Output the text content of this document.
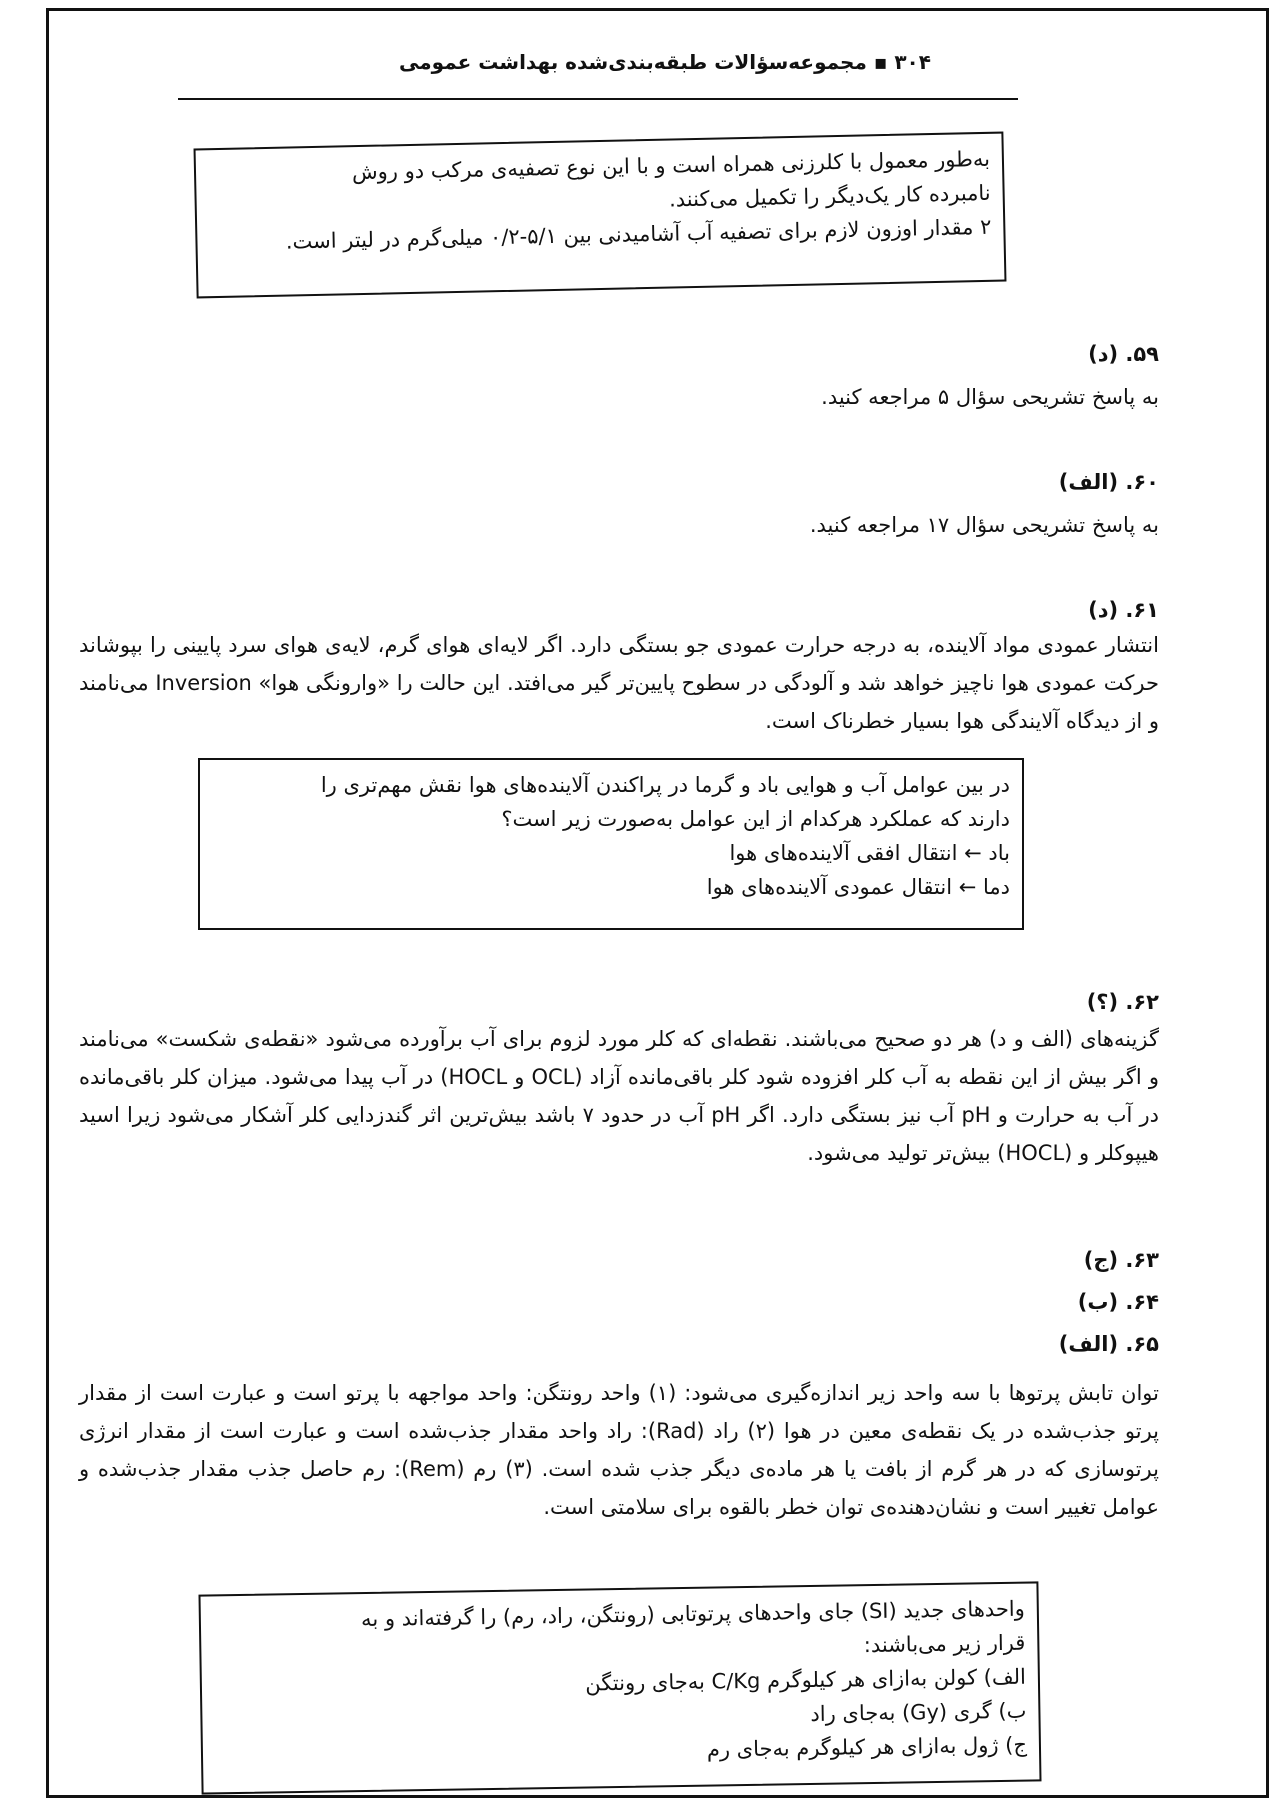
۳۰۴ ▪ مجموعه‌سؤالات طبقه‌بندی‌شده بهداشت عمومی

به‌طور معمول با کلرزنی همراه است و با این نوع تصفیه‌ی مرکب دو روش

نامبرده کار یک‌دیگر را تکمیل می‌کنند.

۲ مقدار اوزون لازم برای تصفیه آب آشامیدنی بین ۵/۱-۰/۲ میلی‌گرم در لیتر است.

۵۹. (د)

به پاسخ تشریحی سؤال ۵ مراجعه کنید.

۶۰. (الف)

به پاسخ تشریحی سؤال ۱۷ مراجعه کنید.

۶۱. (د)

انتشار عمودی مواد آلاینده، به درجه حرارت عمودی جو بستگی دارد. اگر لایه‌ای هوای گرم، لایه‌ی هوای سرد پایینی را بپوشاند حرکت عمودی هوا ناچیز خواهد شد و آلودگی در سطوح پایین‌تر گیر می‌افتد. این حالت را «وارونگی هوا» Inversion می‌نامند و از دیدگاه آلایندگی هوا بسیار خطرناک است.

در بین عوامل آب و هوایی باد و گرما در پراکندن آلاینده‌های هوا نقش مهم‌تری را

دارند که عملکرد هرکدام از این عوامل به‌صورت زیر است؟

باد ← انتقال افقی آلاینده‌های هوا

دما ← انتقال عمودی آلاینده‌های هوا

۶۲. (؟)

گزینه‌های (الف و د) هر دو صحیح می‌باشند. نقطه‌ای که کلر مورد لزوم برای آب برآورده می‌شود «نقطه‌ی شکست» می‌نامند و اگر بیش از این نقطه به آب کلر افزوده شود کلر باقی‌مانده آزاد (OCL و HOCL) در آب پیدا می‌شود. میزان کلر باقی‌مانده در آب به حرارت و pH آب نیز بستگی دارد. اگر pH آب در حدود ۷ باشد بیش‌ترین اثر گندزدایی کلر آشکار می‌شود زیرا اسید هیپوکلر و (HOCL) بیش‌تر تولید می‌شود.

۶۳. (ج)
۶۴. (ب)
۶۵. (الف)

توان تابش پرتوها با سه واحد زیر اندازه‌گیری می‌شود: (۱) واحد رونتگن: واحد مواجهه با پرتو است و عبارت است از مقدار پرتو جذب‌شده در یک نقطه‌ی معین در هوا (۲) راد (Rad): راد واحد مقدار جذب‌شده است و عبارت است از مقدار انرژی پرتوسازی که در هر گرم از بافت یا هر ماده‌ی دیگر جذب شده است. (۳) رم (Rem): رم حاصل جذب مقدار جذب‌شده و عوامل تغییر است و نشان‌دهنده‌ی توان خطر بالقوه برای سلامتی است.

واحدهای جدید (SI) جای واحدهای پرتوتابی (رونتگن، راد، رم) را گرفته‌اند و به

قرار زیر می‌باشند:

الف) کولن به‌ازای هر کیلوگرم C/Kg به‌جای رونتگن

ب) گری (Gy) به‌جای راد

ج) ژول به‌ازای هر کیلوگرم به‌جای رم
